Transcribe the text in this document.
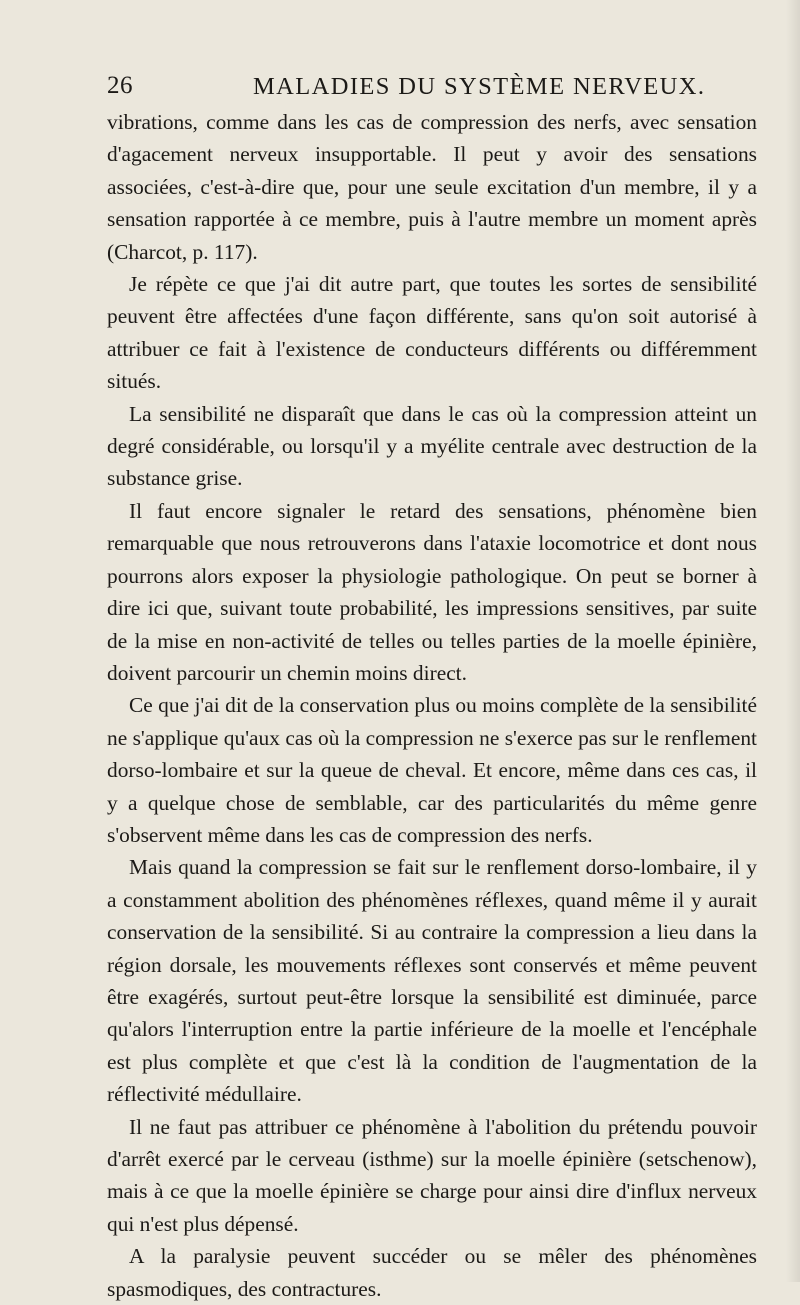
26	MALADIES DU SYSTÈME NERVEUX.

vibrations, comme dans les cas de compression des nerfs, avec sensation d'agacement nerveux insupportable. Il peut y avoir des sensations associées, c'est-à-dire que, pour une seule excitation d'un membre, il y a sensation rapportée à ce membre, puis à l'autre membre un moment après (Charcot, p. 117).

Je répète ce que j'ai dit autre part, que toutes les sortes de sensibilité peuvent être affectées d'une façon différente, sans qu'on soit autorisé à attribuer ce fait à l'existence de conducteurs différents ou différemment situés.

La sensibilité ne disparaît que dans le cas où la compression atteint un degré considérable, ou lorsqu'il y a myélite centrale avec destruction de la substance grise.

Il faut encore signaler le retard des sensations, phénomène bien remarquable que nous retrouverons dans l'ataxie locomotrice et dont nous pourrons alors exposer la physiologie pathologique. On peut se borner à dire ici que, suivant toute probabilité, les impressions sensitives, par suite de la mise en non-activité de telles ou telles parties de la moelle épinière, doivent parcourir un chemin moins direct.

Ce que j'ai dit de la conservation plus ou moins complète de la sensibilité ne s'applique qu'aux cas où la compression ne s'exerce pas sur le renflement dorso-lombaire et sur la queue de cheval. Et encore, même dans ces cas, il y a quelque chose de semblable, car des particularités du même genre s'observent même dans les cas de compression des nerfs.

Mais quand la compression se fait sur le renflement dorso-lombaire, il y a constamment abolition des phénomènes réflexes, quand même il y aurait conservation de la sensibilité. Si au contraire la compression a lieu dans la région dorsale, les mouvements réflexes sont conservés et même peuvent être exagérés, surtout peut-être lorsque la sensibilité est diminuée, parce qu'alors l'interruption entre la partie inférieure de la moelle et l'encéphale est plus complète et que c'est là la condition de l'augmentation de la réflectivité médullaire.

Il ne faut pas attribuer ce phénomène à l'abolition du prétendu pouvoir d'arrêt exercé par le cerveau (isthme) sur la moelle épinière (setschenow), mais à ce que la moelle épinière se charge pour ainsi dire d'influx nerveux qui n'est plus dépensé.

A la paralysie peuvent succéder ou se mêler des phénomènes spasmodiques, des contractures.
